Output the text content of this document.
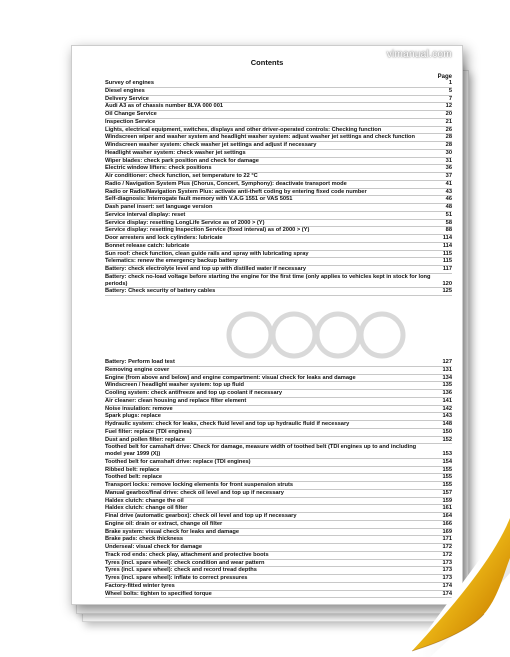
vimanual.com
Contents
Page
Survey of engines	1
Diesel engines	5
Delivery Service	7
Audi A3 as of chassis number 8LYA 000 001	12
Oil Change Service	20
Inspection Service	21
Lights, electrical equipment, switches, displays and other driver-operated controls: Checking function	26
Windscreen wiper and washer system and headlight washer system: adjust washer jet settings and check function	28
Windscreen washer system: check washer jet settings and adjust if necessary	28
Headlight washer system: check washer jet settings	30
Wiper blades: check park position and check for damage	31
Electric window lifters: check positions	36
Air conditioner: check function, set temperature to 22 °C	37
Radio / Navigation System Plus (Chorus, Concert, Symphony): deactivate transport mode	41
Radio or Radio/Navigation System Plus: activate anti-theft coding by entering fixed code number	43
Self-diagnosis: Interrogate fault memory with V.A.G 1551 or VAS 5051	46
Dash panel insert: set language version	48
Service interval display: reset	51
Service display: resetting LongLife Service as of 2000 > (Y)	58
Service display: resetting Inspection Service (fixed interval) as of 2000 > (Y)	88
Door arresters and lock cylinders: lubricate	114
Bonnet release catch: lubricate	114
Sun roof: check function, clean guide rails and spray with lubricating spray	115
Telematics: renew the emergency backup battery	115
Battery: check electrolyte level and top up with distilled water if necessary	117
Battery: check no-load voltage before starting the engine for the first time (only applies to vehicles kept in stock for long periods)	120
Battery: Check security of battery cables	125
Battery: Perform load test	127
Removing engine cover	131
Engine (from above and below) and engine compartment: visual check for leaks and damage	134
Windscreen / headlight washer system: top up fluid	135
Cooling system: check antifreeze and top up coolant if necessary	136
Air cleaner: clean housing and replace filter element	141
Noise insulation: remove	142
Spark plugs: replace	143
Hydraulic system: check for leaks, check fluid level and top up hydraulic fluid if necessary	148
Fuel filter: replace (TDI engines)	150
Dust and pollen filter: replace	152
Toothed belt for camshaft drive: Check for damage, measure width of toothed belt (TDI engines up to and including model year 1999 (X))	153
Toothed belt for camshaft drive: replace (TDI engines)	154
Ribbed belt: replace	155
Toothed belt: replace	155
Transport locks: remove locking elements for front suspension struts	155
Manual gearbox/final drive: check oil level and top up if necessary	157
Haldex clutch: change the oil	159
Haldex clutch: change oil filter	161
Final drive (automatic gearbox): check oil level and top up if necessary	164
Engine oil: drain or extract, change oil filter	166
Brake system: visual check for leaks and damage	169
Brake pads: check thickness	171
Underseal: visual check for damage	172
Track rod ends: check play, attachment and protective boots	172
Tyres (incl. spare wheel): check condition and wear pattern	173
Tyres (incl. spare wheel): check and record tread depths	173
Tyres (incl. spare wheel): inflate to correct pressures	173
Factory-fitted winter tyres	174
Wheel bolts: tighten to specified torque	174
